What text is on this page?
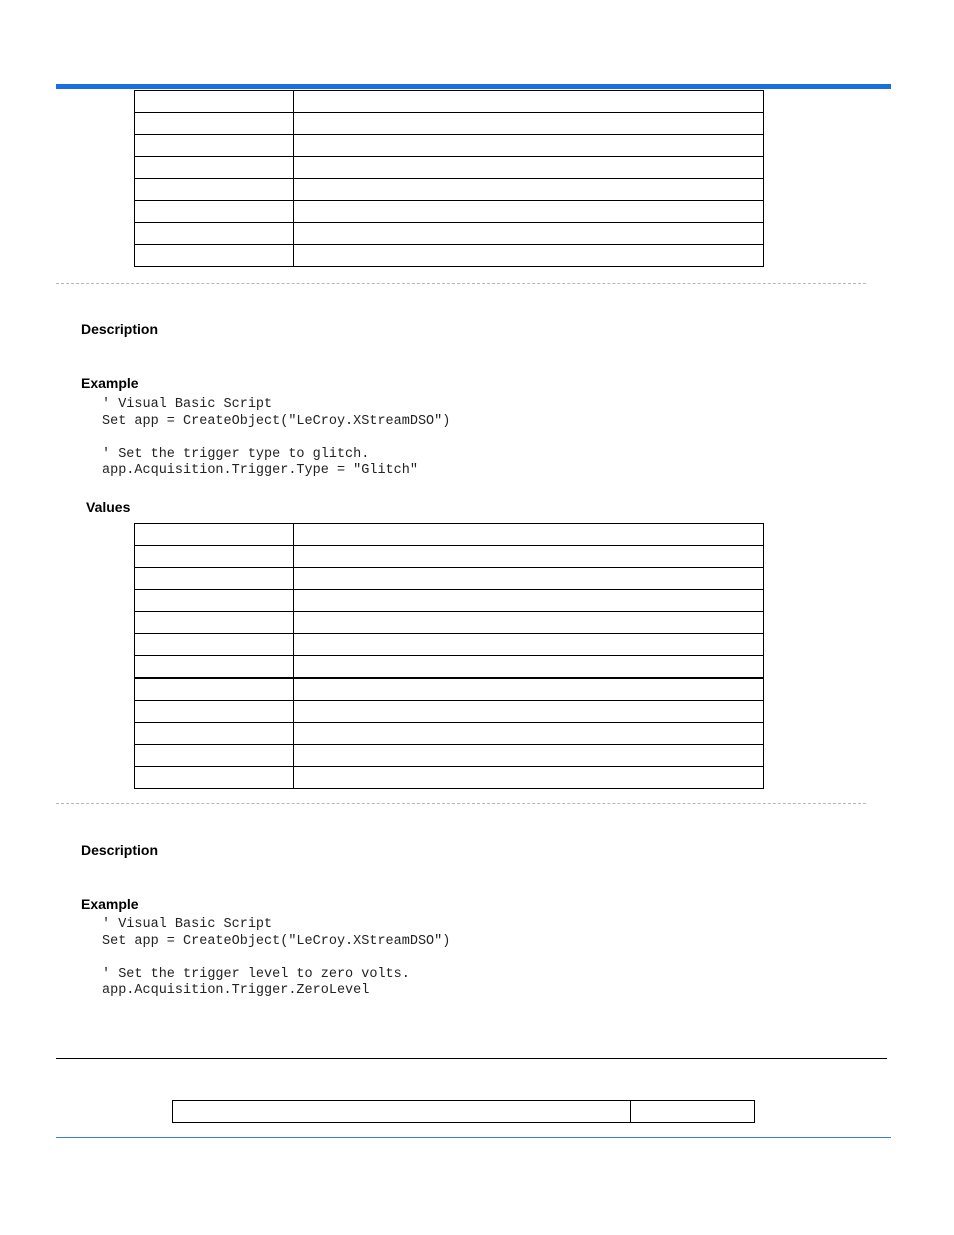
Description
Example
' Visual Basic Script
Set app = CreateObject("LeCroy.XStreamDSO")

' Set the trigger type to glitch.
app.Acquisition.Trigger.Type = "Glitch"
Values

Description
Example
' Visual Basic Script
Set app = CreateObject("LeCroy.XStreamDSO")

' Set the trigger level to zero volts.
app.Acquisition.Trigger.ZeroLevel
